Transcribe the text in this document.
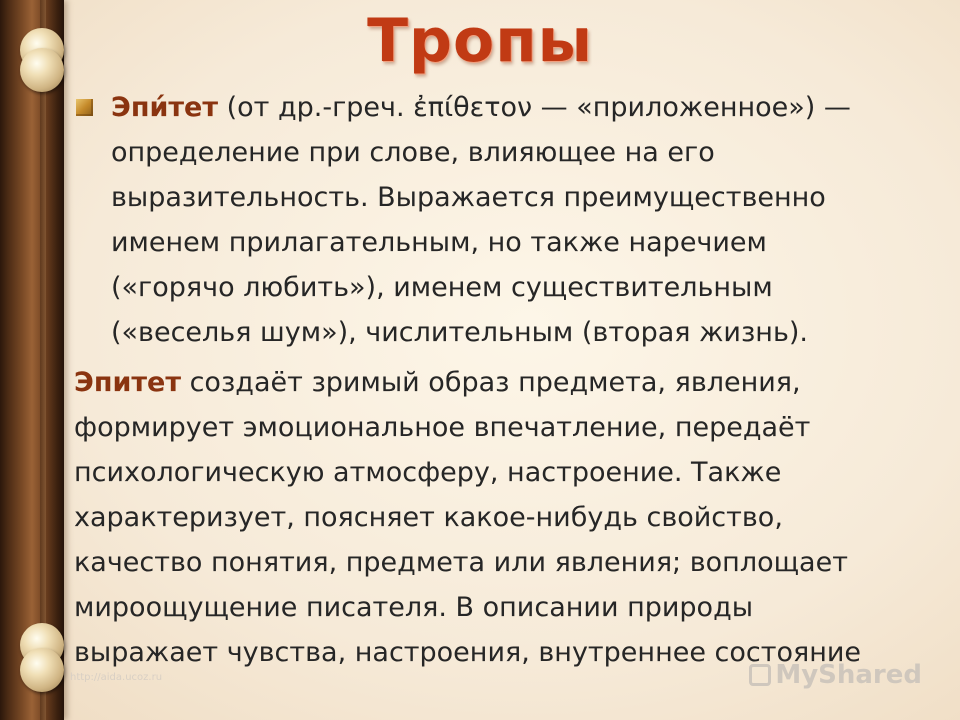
Тропы
Эпи́тет (от др.-греч. ἐπίθετον — «приложенное») —
определение при слове, влияющее на его
выразительность. Выражается преимущественно
именем прилагательным, но также наречием
(«горячо любить»), именем существительным
(«веселья шум»), числительным (вторая жизнь).
Эпитет создаёт зримый образ предмета, явления,
формирует эмоциональное впечатление, передаёт
психологическую атмосферу, настроение. Также
характеризует, поясняет какое-нибудь свойство,
качество понятия, предмета или явления; воплощает
мироощущение писателя. В описании природы
выражает чувства, настроения, внутреннее состояние
http://aida.ucoz.ru	MyShared
